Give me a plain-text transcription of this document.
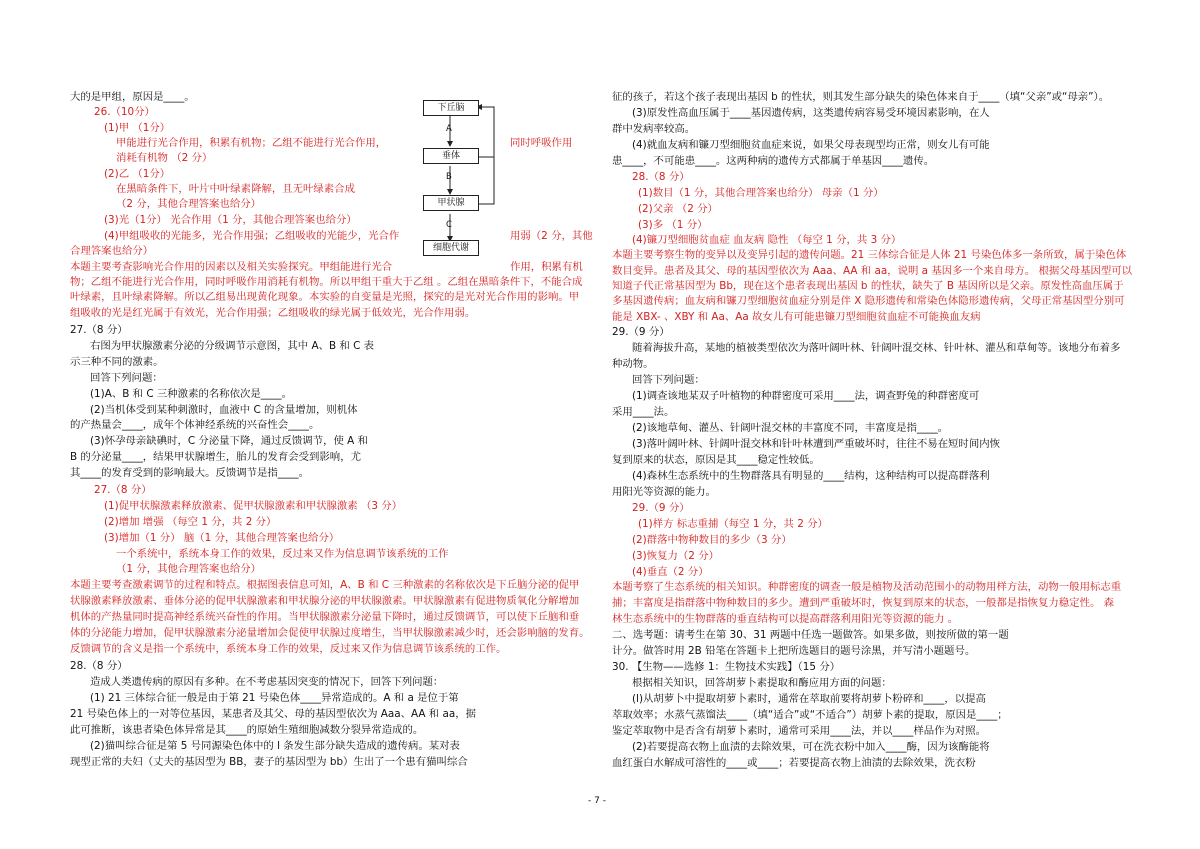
大的是甲组，原因是____。
26.（10分）
(1)甲 （1分）
甲能进行光合作用，积累有机物；乙组不能进行光合作用，	同时呼吸作用
消耗有机物 （2 分）
(2)乙 （1分）
在黑暗条件下，叶片中叶绿素降解，且无叶绿素合成
（2 分，其他合理答案也给分）
(3)光（1分） 光合作用（1 分，其他合理答案也给分）
(4)甲组吸收的光能多，光合作用强；乙组吸收的光能少，光合作	用弱（2 分，其他
合理答案也给分）
本题主要考查影响光合作用的因素以及相关实验探究。甲组能进行光合	作用，积累有机
物；乙组不能进行光合作用，同时呼吸作用消耗有机物。所以甲组干重大于乙组 。乙组在黑暗条件下，不能合成
叶绿素，且叶绿素降解。所以乙组易出现黄化现象。本实验的自变量是光照，探究的是光对光合作用的影响。甲
组吸收的光是红光属于有效光，光合作用强；乙组吸收的绿光属于低效光，光合作用弱。
27.（8 分）
右图为甲状腺激素分泌的分级调节示意图，其中 A、B 和 C 表
示三种不同的激素。
回答下列问题：
(1)A、B 和 C 三种激素的名称依次是____。
(2)当机体受到某种刺激时，血液中 C 的含量增加，则机体
的产热量会____，成年个体神经系统的兴奋性会____。
(3)怀孕母亲缺碘时，C 分泌量下降，通过反馈调节，使 A 和
B 的分泌量____，结果甲状腺增生，胎儿的发育会受到影响，尤
其____的发育受到的影响最大。反馈调节是指____。
27.（8 分）
(1)促甲状腺激素释放激素、促甲状腺激素和甲状腺激素 （3 分）
(2)增加 增强 （每空 1 分，共 2 分）
(3)增加（1 分） 脑（1 分，其他合理答案也给分）
一个系统中，系统本身工作的效果，反过来又作为信息调节该系统的工作
（1 分，其他合理答案也给分）
本题主要考查激素调节的过程和特点。根据图表信息可知，A、B 和 C 三种激素的名称依次是下丘脑分泌的促甲
状腺激素释放激素、垂体分泌的促甲状腺激素和甲状腺分泌的甲状腺激素。甲状腺激素有促进物质氧化分解增加
机体的产热量同时提高神经系统兴奋性的作用。当甲状腺激素分泌量下降时，通过反馈调节，可以使下丘脑和垂
体的分泌能力增加，促甲状腺激素分泌量增加会促使甲状腺过度增生，当甲状腺激素减少时，还会影响脑的发育。
反馈调节的含义是指一个系统中，系统本身工作的效果，反过来又作为信息调节该系统的工作。
28.（8 分）
造成人类遗传病的原因有多种。在不考虑基因突变的情况下，回答下列问题：
(1) 21 三体综合征一般是由于第 21 号染色体____异常造成的。A 和 a 是位于第
21 号染色体上的一对等位基因，某患者及其父、母的基因型依次为 Aaa、AA 和 aa，据
此可推断，该患者染色体异常是其____的原始生殖细胞减数分裂异常造成的。
(2)猫叫综合征是第 5 号同源染色体中的 l 条发生部分缺失造成的遗传病。某对表
现型正常的夫妇（丈夫的基因型为 BB，妻子的基因型为 bb）生出了一个患有猫叫综合
征的孩子，若这个孩子表现出基因 b 的性状，则其发生部分缺失的染色体来自于____（填“父亲”或“母亲”）。
(3)原发性高血压属于____基因遗传病，这类遗传病容易受环境因素影响，在人
群中发病率较高。
(4)就血友病和镰刀型细胞贫血症来说，如果父母表现型均正常，则女儿有可能
患____，不可能患____。这两种病的遗传方式都属于单基因____遗传。
28.（8 分）
(1)数目（1 分，其他合理答案也给分） 母亲（1 分）
(2)父亲 （2 分）
(3)多 （1 分）
(4)镰刀型细胞贫血症 血友病 隐性 （每空 1 分，共 3 分）
本题主要考察生物的变异以及变异引起的遗传问题。21 三体综合征是人体 21 号染色体多一条所致，属于染色体
数目变异。患者及其父、母的基因型依次为 Aaa、AA 和 aa，说明 a 基因多一个来自母方。 根据父母基因型可以
知道子代正常基因型为 Bb，现在这个患者表现出基因 b 的性状，缺失了 B 基因所以是父亲。原发性高血压属于
多基因遗传病；血友病和镰刀型细胞贫血症分别是伴 X 隐形遗传和常染色体隐形遗传病，父母正常基因型分别可
能是 XBX- 、XBY 和 Aa、Aa 故女儿有可能患镰刀型细胞贫血症不可能换血友病
29.（9 分）
随着海拔升高，某地的植被类型依次为落叶阔叶林、针阔叶混交林、针叶林、灌丛和草甸等。该地分布着多
种动物。
回答下列问题：
(1)调查该地某双子叶植物的种群密度可采用____法，调查野兔的种群密度可
采用____法。
(2)该地草甸、灌丛、针阔叶混交林的丰富度不同，丰富度是指____。
(3)落叶阔叶林、针阔叶混交林和针叶林遭到严重破坏时，往往不易在短时间内恢
复到原来的状态，原因是其____稳定性较低。
(4)森林生态系统中的生物群落具有明显的____结构，这种结构可以提高群落利
用阳光等资源的能力。
29.（9 分）
(1)样方 标志重捕（每空 1 分，共 2 分）
(2)群落中物种数目的多少（3 分）
(3)恢复力（2 分）
(4)垂直（2 分）
本题考察了生态系统的相关知识。种群密度的调查一般是植物及活动范围小的动物用样方法，动物一般用标志重
捕；丰富度是指群落中物种数目的多少。遭到严重破坏时，恢复到原来的状态，一般都是指恢复力稳定性。 森
林生态系统中的生物群落的垂直结构可以提高群落利用阳光等资源的能力 。
二、选考题：请考生在第 30、31 两题中任选一题做答。如果多做，则按所做的第一题
计分。做答时用 2B 铅笔在答题卡上把所选题目的题号涂黑，并写清小题题号。
30. 【生物——选修 1：生物技术实践】（15 分）
根据相关知识，回答胡萝卜素提取和酶应用方面的问题：
(l)从胡萝卜中提取胡萝卜素时，通常在萃取前要将胡萝卜粉碎和____，以提高
萃取效率；水蒸气蒸馏法____（填“适合”或“不适合”）胡萝卜素的提取，原因是____；
鉴定萃取物中是否含有胡萝卜素时，通常可采用____法，并以____样品作为对照。
(2)若要提高衣物上血渍的去除效果，可在洗衣粉中加入____酶，因为该酶能将
血红蛋白水解成可溶性的____或____；若要提高衣物上油渍的去除效果，洗衣粉
下丘脑
垂体
甲状腺
细胞代谢
A
B
C
- 7 -
